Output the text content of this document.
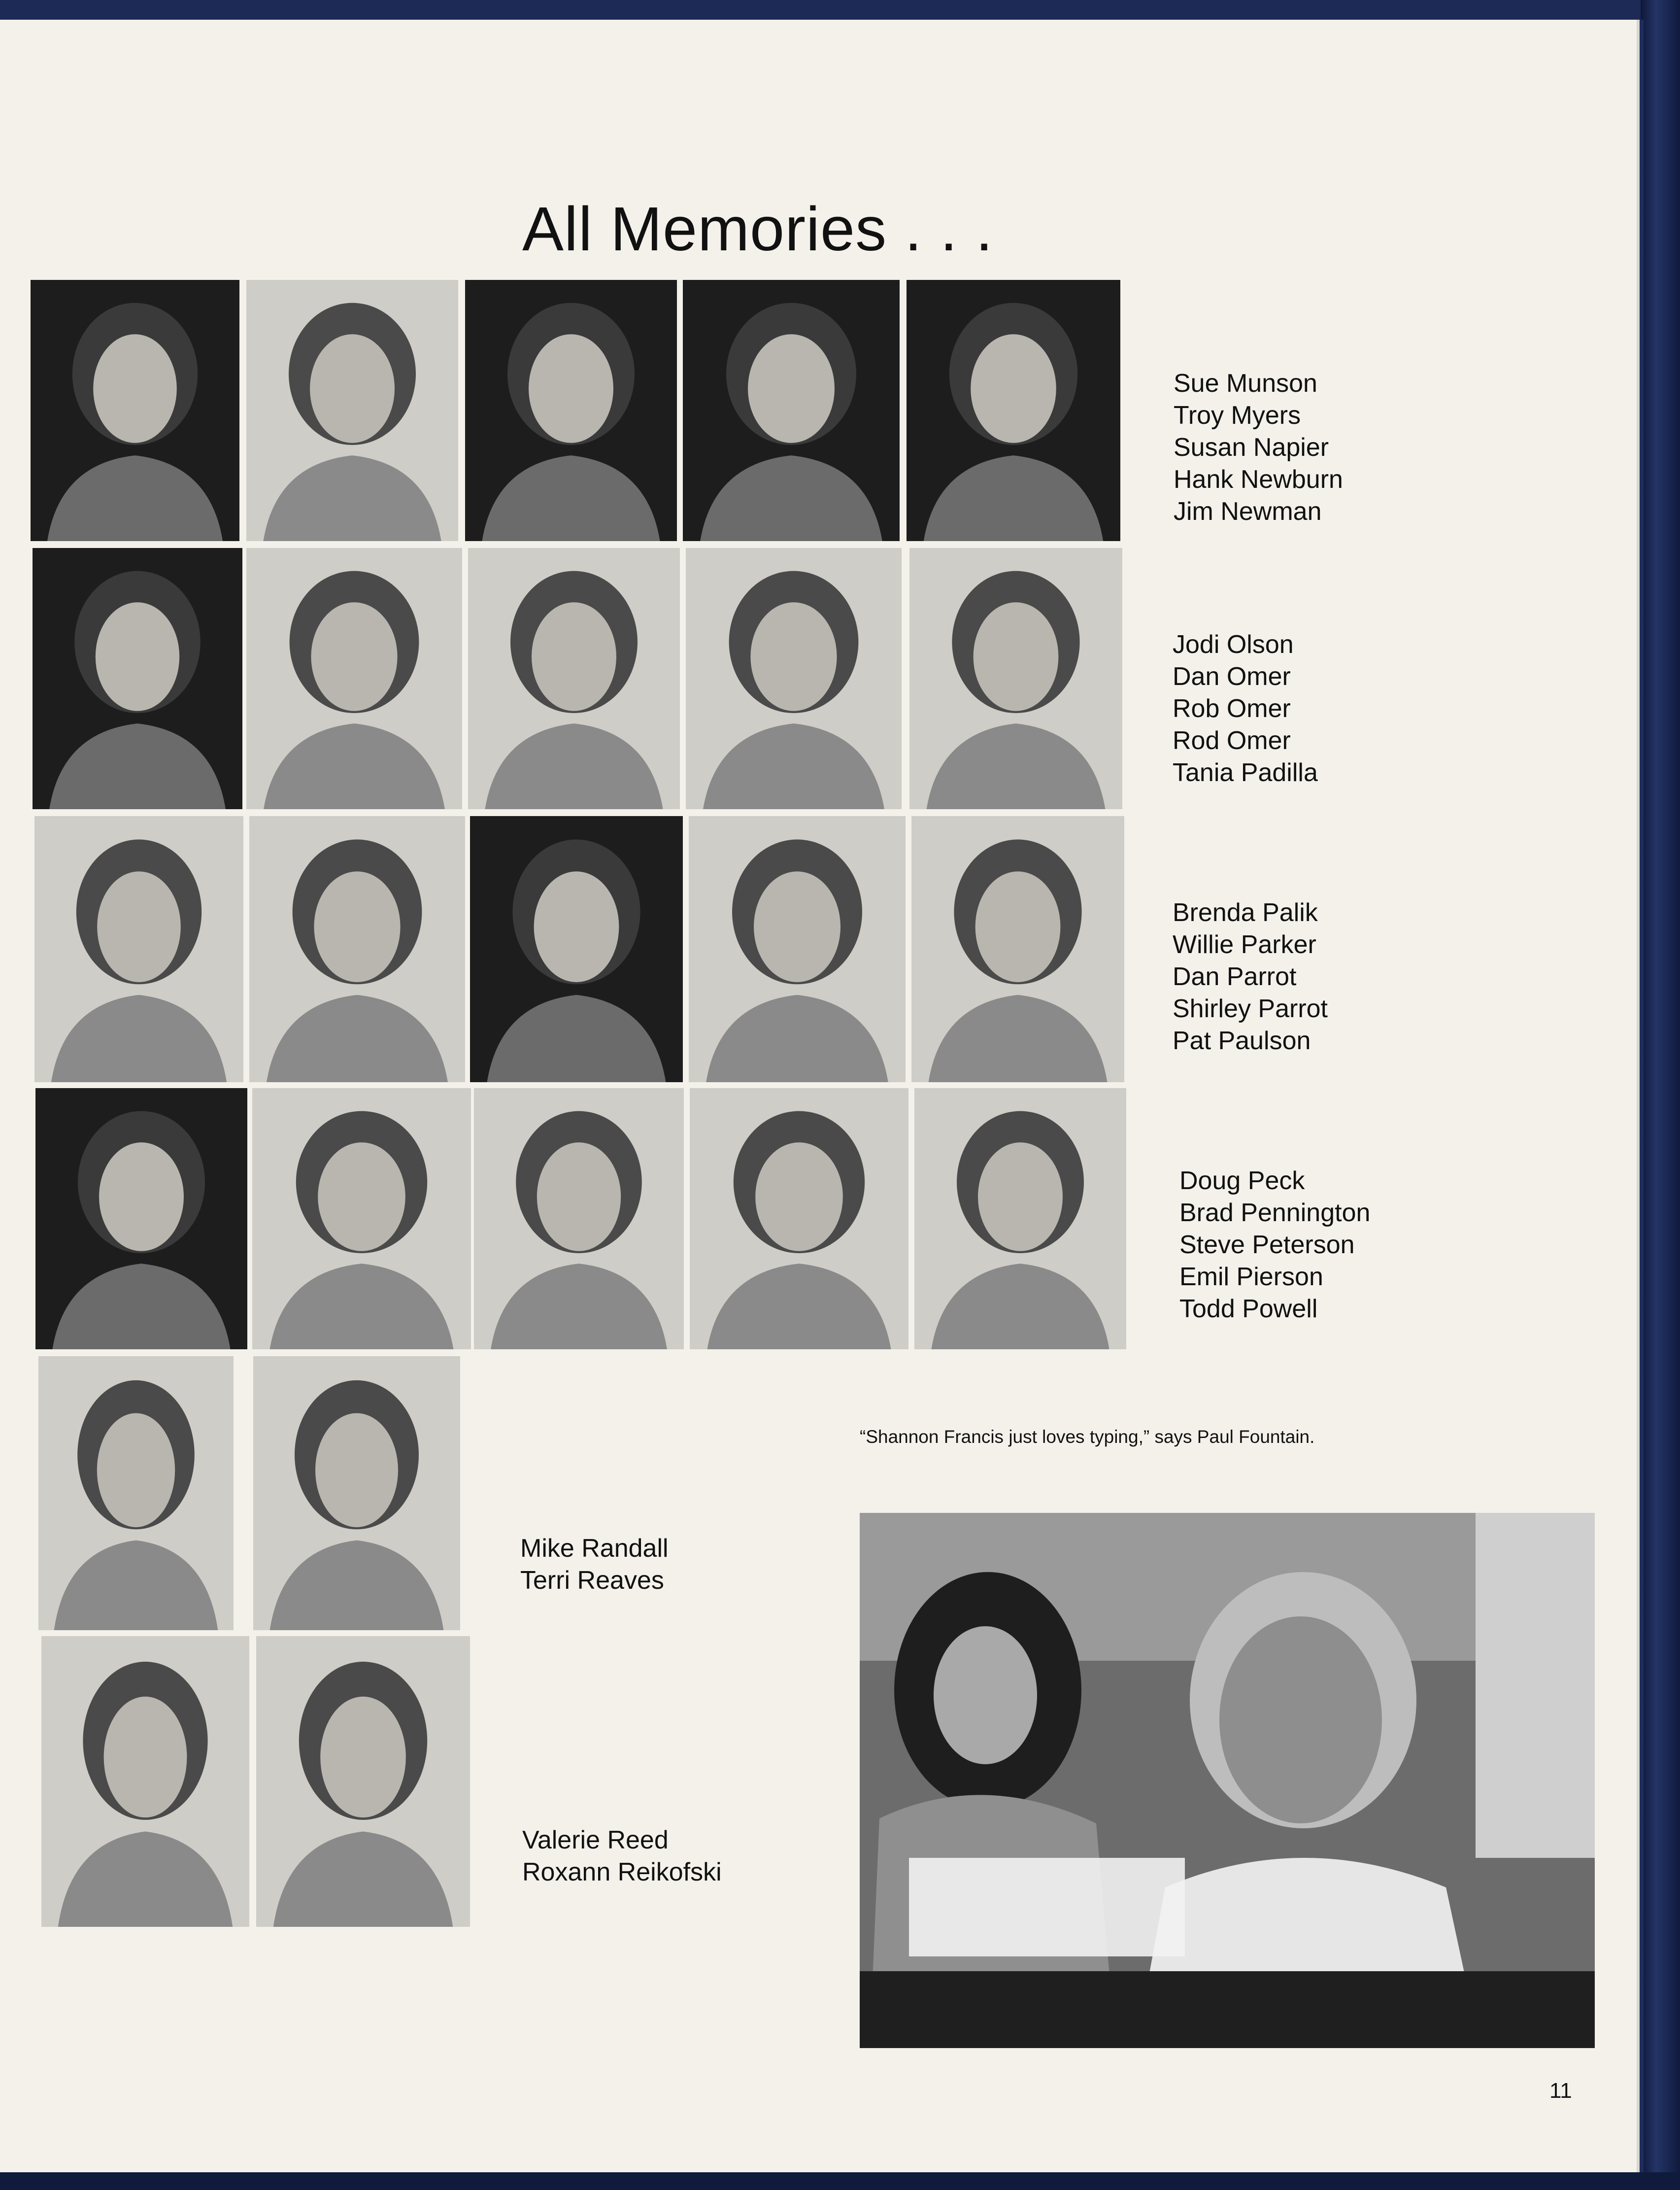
All Memories . . .
Sue Munson
Troy Myers
Susan Napier
Hank Newburn
Jim Newman
Jodi Olson
Dan Omer
Rob Omer
Rod Omer
Tania Padilla
Brenda Palik
Willie Parker
Dan Parrot
Shirley Parrot
Pat Paulson
Doug Peck
Brad Pennington
Steve Peterson
Emil Pierson
Todd Powell
Mike Randall
Terri Reaves
Valerie Reed
Roxann Reikofski
“Shannon Francis just loves typing,” says Paul Fountain.
11
